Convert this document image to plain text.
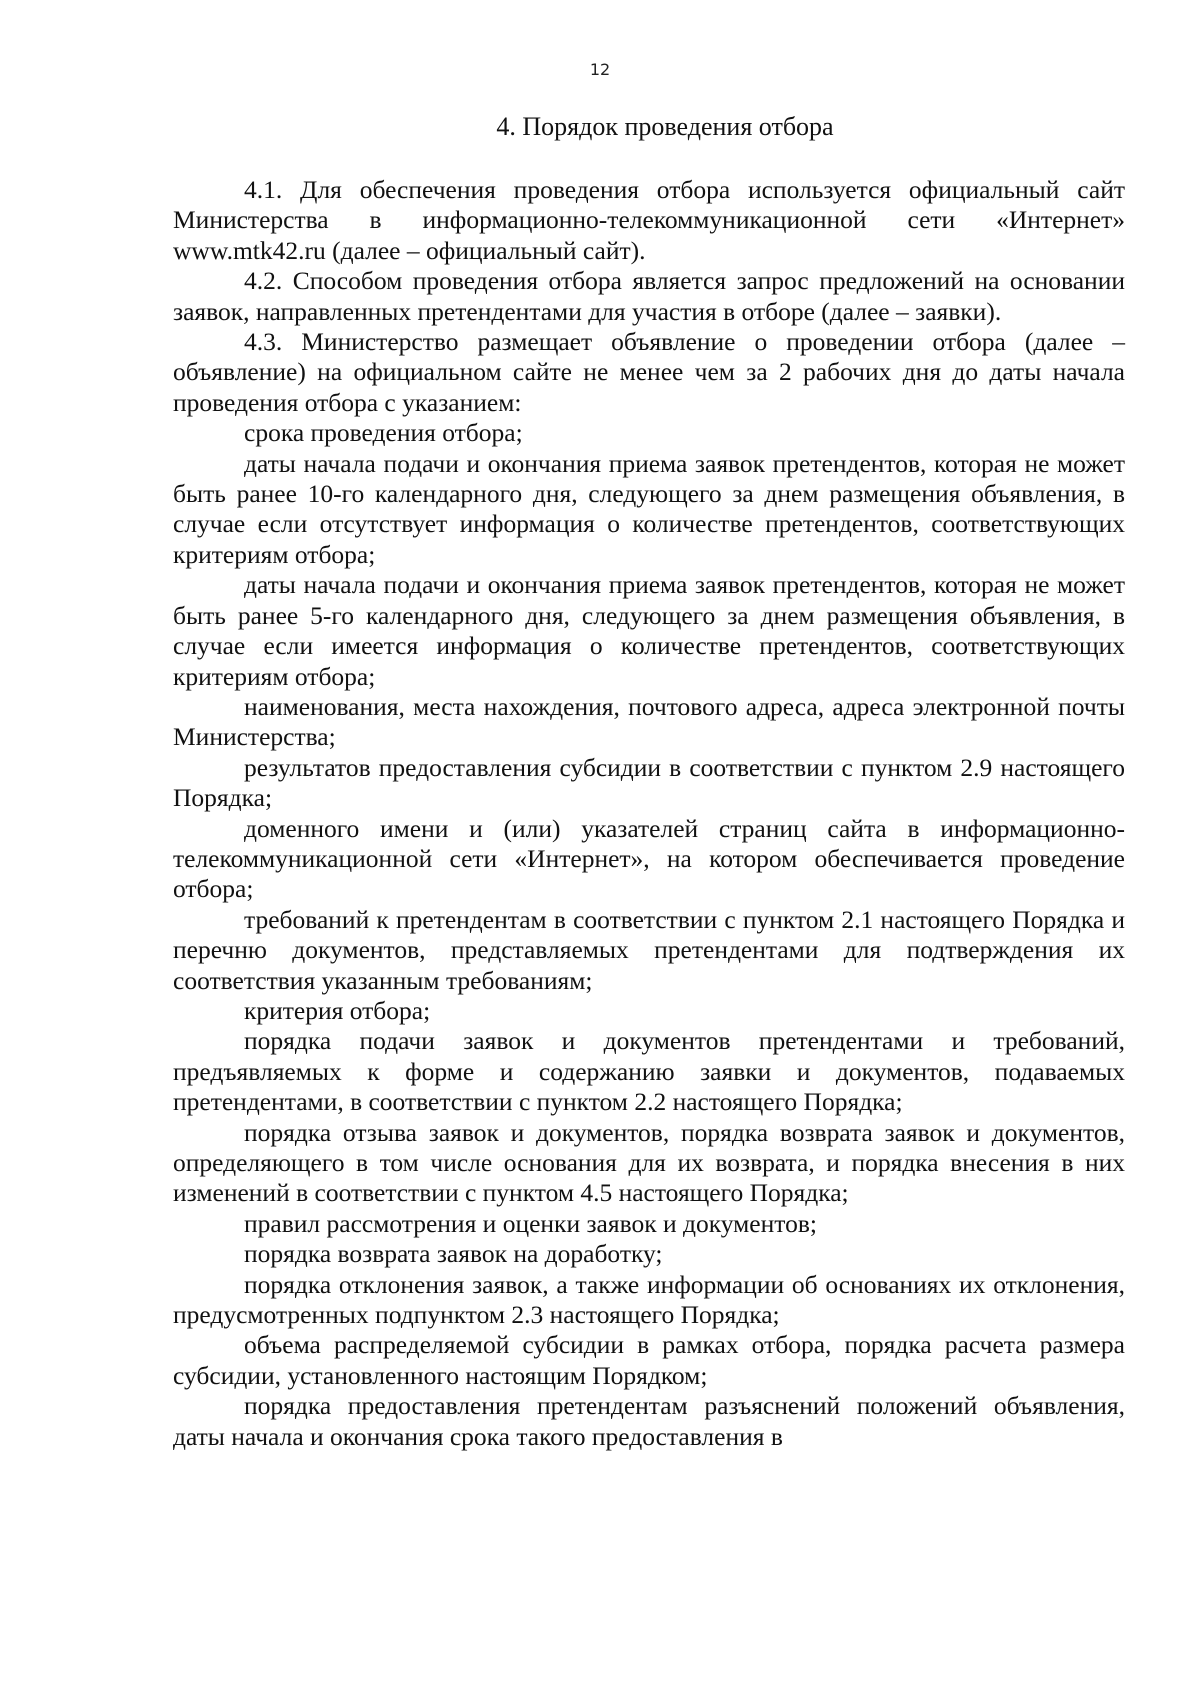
12
4. Порядок проведения отбора

4.1. Для обеспечения проведения отбора используется официальный сайт Министерства в информационно-телекоммуникационной сети «Интернет» www.mtk42.ru (далее – официальный сайт).

4.2. Способом проведения отбора является запрос предложений на основании заявок, направленных претендентами для участия в отборе (далее – заявки).

4.3. Министерство размещает объявление о проведении отбора (далее – объявление) на официальном сайте не менее чем за 2 рабочих дня до даты начала проведения отбора с указанием:

срока проведения отбора;

даты начала подачи и окончания приема заявок претендентов, которая не может быть ранее 10-го календарного дня, следующего за днем размещения объявления, в случае если отсутствует информация о количестве претендентов, соответствующих критериям отбора;

даты начала подачи и окончания приема заявок претендентов, которая не может быть ранее 5-го календарного дня, следующего за днем размещения объявления, в случае если имеется информация о количестве претендентов, соответствующих критериям отбора;

наименования, места нахождения, почтового адреса, адреса электронной почты Министерства;

результатов предоставления субсидии в соответствии с пунктом 2.9 настоящего Порядка;

доменного имени и (или) указателей страниц сайта в информационно-телекоммуникационной сети «Интернет», на котором обеспечивается проведение отбора;

требований к претендентам в соответствии с пунктом 2.1 настоящего Порядка и перечню документов, представляемых претендентами для подтверждения их соответствия указанным требованиям;

критерия отбора;

порядка подачи заявок и документов претендентами и требований, предъявляемых к форме и содержанию заявки и документов, подаваемых претендентами, в соответствии с пунктом 2.2 настоящего Порядка;

порядка отзыва заявок и документов, порядка возврата заявок и документов, определяющего в том числе основания для их возврата, и порядка внесения в них изменений в соответствии с пунктом 4.5 настоящего Порядка;

правил рассмотрения и оценки заявок и документов;

порядка возврата заявок на доработку;

порядка отклонения заявок, а также информации об основаниях их отклонения, предусмотренных подпунктом 2.3 настоящего Порядка;

объема распределяемой субсидии в рамках отбора, порядка расчета размера субсидии, установленного настоящим Порядком;

порядка предоставления претендентам разъяснений положений объявления, даты начала и окончания срока такого предоставления в
